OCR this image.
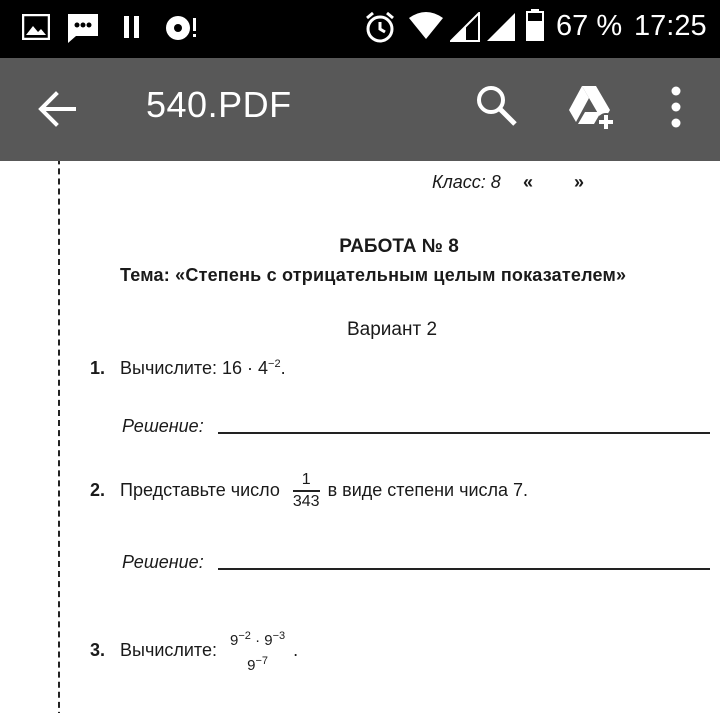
67 % 17:25
Класс: 8 « »
РАБОТА № 8
Тема: «Степень с отрицательным целым показателем»
Вариант 2
1. Вычислите: $16 \cdot 4^{-2}$.
Решение:
2. Представьте число $\frac{1}{343}$ в виде степени числа 7.
Решение:
3. Вычислите: $9^{-2} \cdot 9^{-3}$
$9^{-7}$
.
540.PDF
